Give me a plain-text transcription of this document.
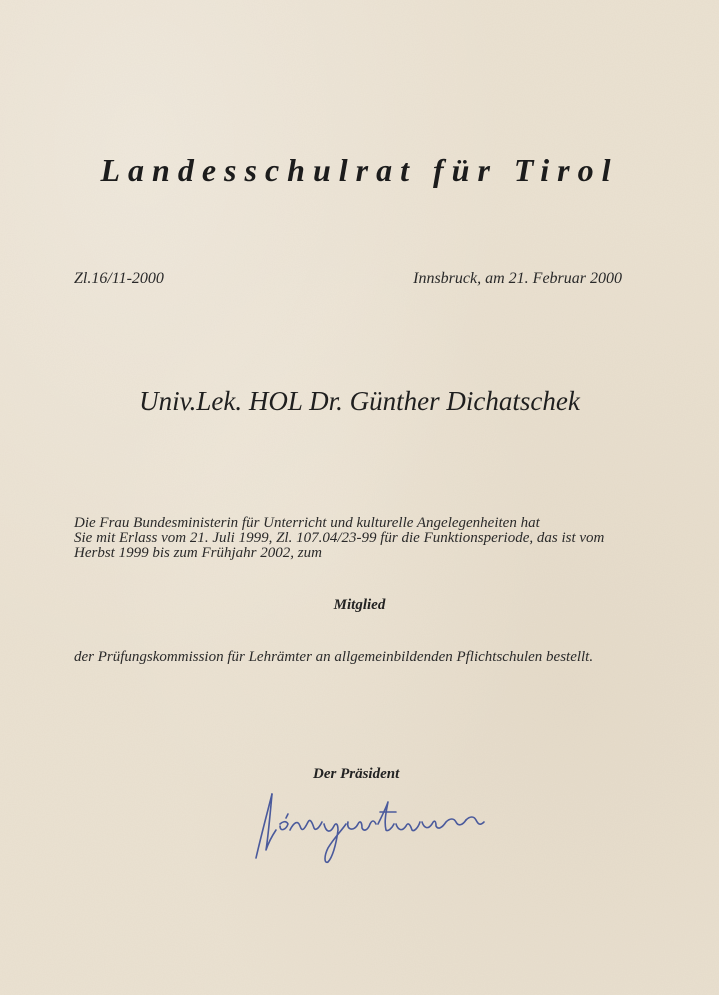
Landesschulrat für Tirol
Zl.16/11-2000	Innsbruck, am 21. Februar 2000
Univ.Lek. HOL Dr. Günther Dichatschek
Die Frau Bundesministerin für Unterricht und kulturelle Angelegenheiten hat
Sie mit Erlass vom 21. Juli 1999, Zl. 107.04/23-99 für die Funktionsperiode, das ist vom
Herbst 1999 bis zum Frühjahr 2002, zum
Mitglied
der Prüfungskommission für Lehrämter an allgemeinbildenden Pflichtschulen bestellt.
Der Präsident
